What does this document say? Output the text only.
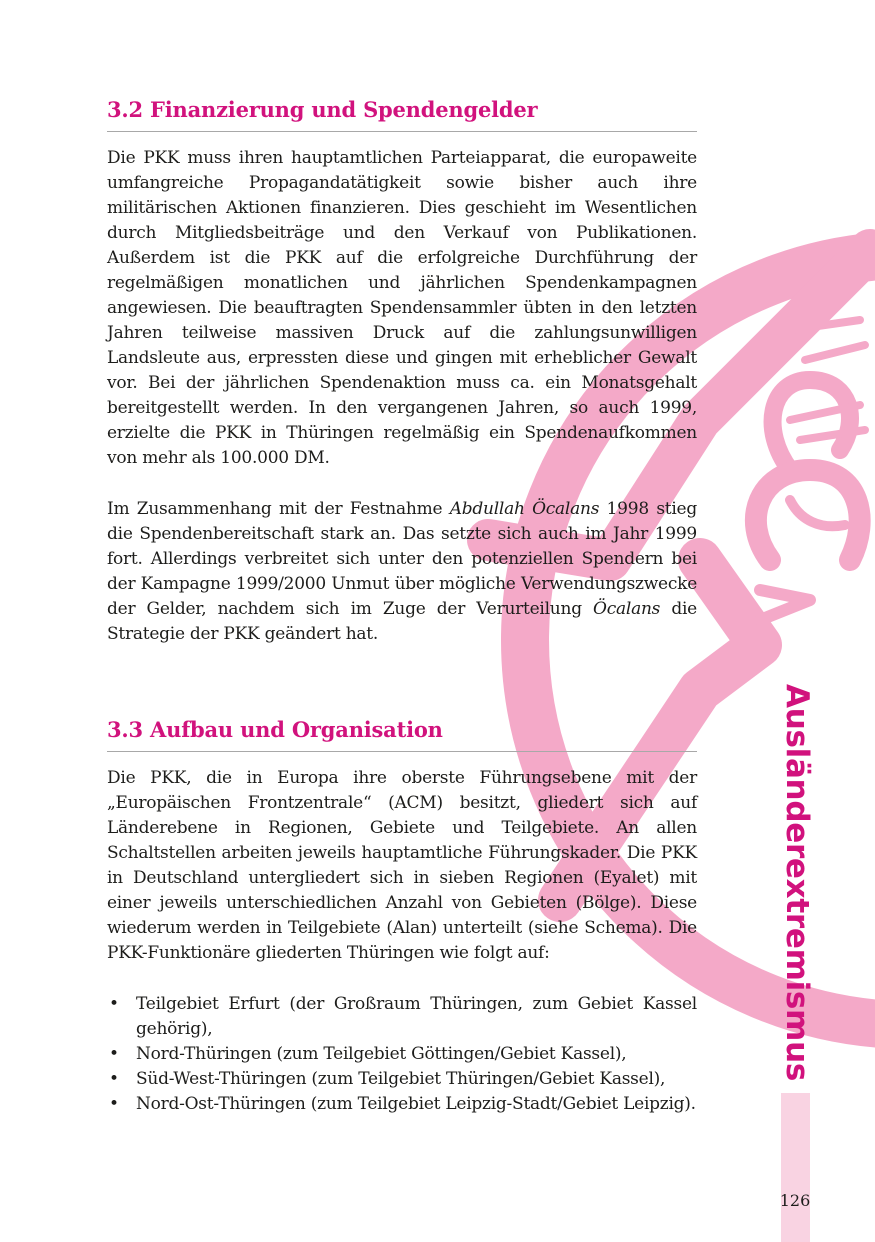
3.2 Finanzierung und Spendengelder

Die PKK muss ihren hauptamtlichen Parteiapparat, die europaweite umfangreiche Propagandatätigkeit sowie bisher auch ihre militärischen Aktionen finanzieren. Dies geschieht im Wesentlichen durch Mitgliedsbeiträge und den Verkauf von Publikationen. Außerdem ist die PKK auf die erfolgreiche Durchführung der regelmäßigen monatlichen und jährlichen Spendenkampagnen angewiesen. Die beauftragten Spendensammler übten in den letzten Jahren teilweise massiven Druck auf die zahlungsunwilligen Landsleute aus, erpressten diese und gingen mit erheblicher Gewalt vor. Bei der jährlichen Spendenaktion muss ca. ein Monatsgehalt bereitgestellt werden. In den vergangenen Jahren, so auch 1999, erzielte die PKK in Thüringen regelmäßig ein Spendenaufkommen von mehr als 100.000 DM.

Im Zusammenhang mit der Festnahme Abdullah Öcalans 1998 stieg die Spendenbereitschaft stark an. Das setzte sich auch im Jahr 1999 fort. Allerdings verbreitet sich unter den potenziellen Spendern bei der Kampagne 1999/2000 Unmut über mögliche Verwendungszwecke der Gelder, nachdem sich im Zuge der Verurteilung Öcalans die Strategie der PKK geändert hat.

3.3 Aufbau und Organisation

Die PKK, die in Europa ihre oberste Führungsebene mit der „Europäischen Frontzentrale“ (ACM) besitzt, gliedert sich auf Länderebene in Regionen, Gebiete und Teilgebiete. An allen Schaltstellen arbeiten jeweils hauptamtliche Führungskader. Die PKK in Deutschland untergliedert sich in sieben Regionen (Eyalet) mit einer jeweils unterschiedlichen Anzahl von Gebieten (Bölge). Diese wiederum werden in Teilgebiete (Alan) unterteilt (siehe Schema). Die PKK-Funktionäre gliederten Thüringen wie folgt auf:

• Teilgebiet Erfurt (der Großraum Thüringen, zum Gebiet Kassel gehörig),
• Nord-Thüringen (zum Teilgebiet Göttingen/Gebiet Kassel),
• Süd-West-Thüringen (zum Teilgebiet Thüringen/Gebiet Kassel),
• Nord-Ost-Thüringen (zum Teilgebiet Leipzig-Stadt/Gebiet Leipzig).
Ausländerextremismus
126
